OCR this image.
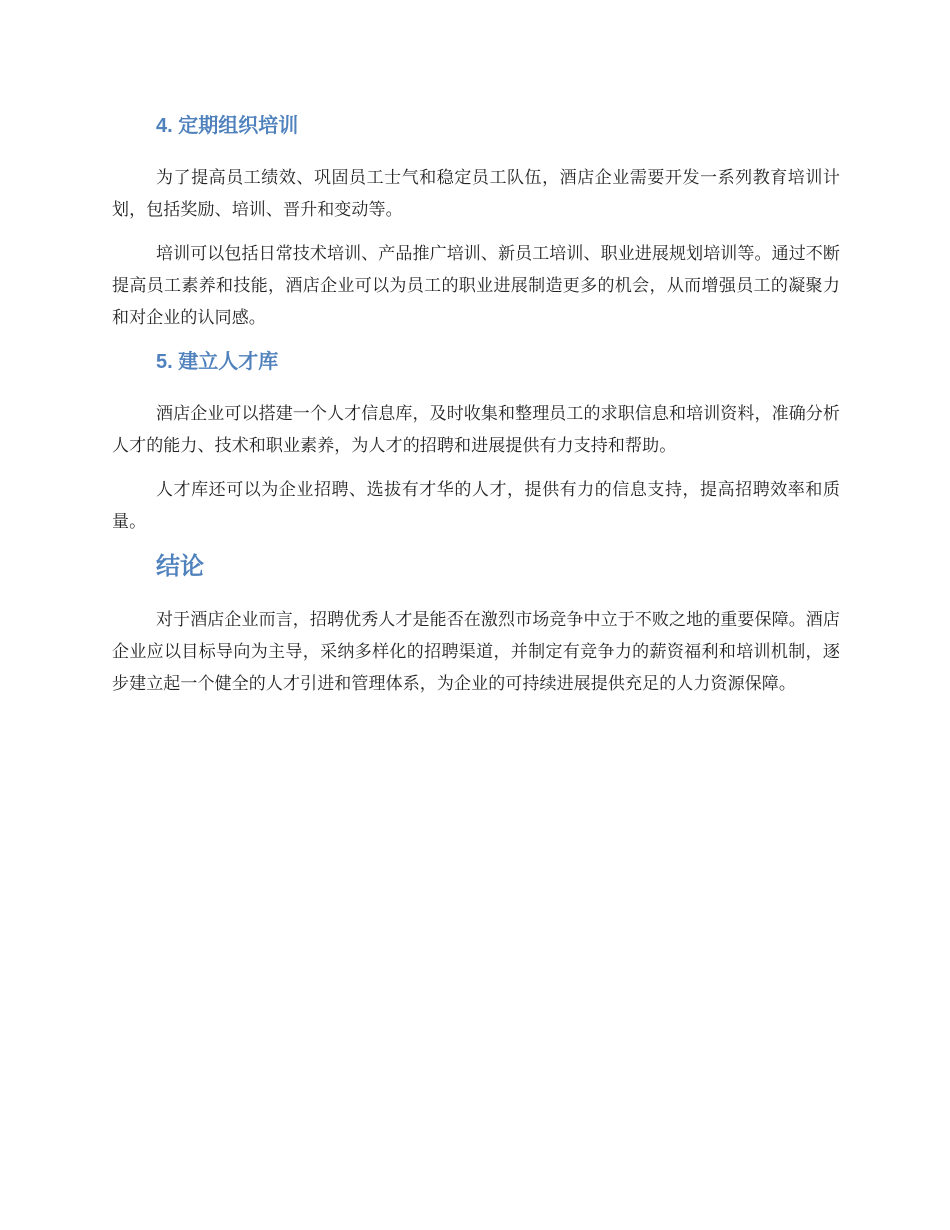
4. 定期组织培训

为了提高员工绩效、巩固员工士气和稳定员工队伍，酒店企业需要开发一系列教育培训计划，包括奖励、培训、晋升和变动等。

培训可以包括日常技术培训、产品推广培训、新员工培训、职业进展规划培训等。通过不断提高员工素养和技能，酒店企业可以为员工的职业进展制造更多的机会，从而增强员工的凝聚力和对企业的认同感。

5. 建立人才库

酒店企业可以搭建一个人才信息库，及时收集和整理员工的求职信息和培训资料，准确分析人才的能力、技术和职业素养，为人才的招聘和进展提供有力支持和帮助。

人才库还可以为企业招聘、选拔有才华的人才，提供有力的信息支持，提高招聘效率和质量。

结论

对于酒店企业而言，招聘优秀人才是能否在激烈市场竞争中立于不败之地的重要保障。酒店企业应以目标导向为主导，采纳多样化的招聘渠道，并制定有竞争力的薪资福利和培训机制，逐步建立起一个健全的人才引进和管理体系，为企业的可持续进展提供充足的人力资源保障。
